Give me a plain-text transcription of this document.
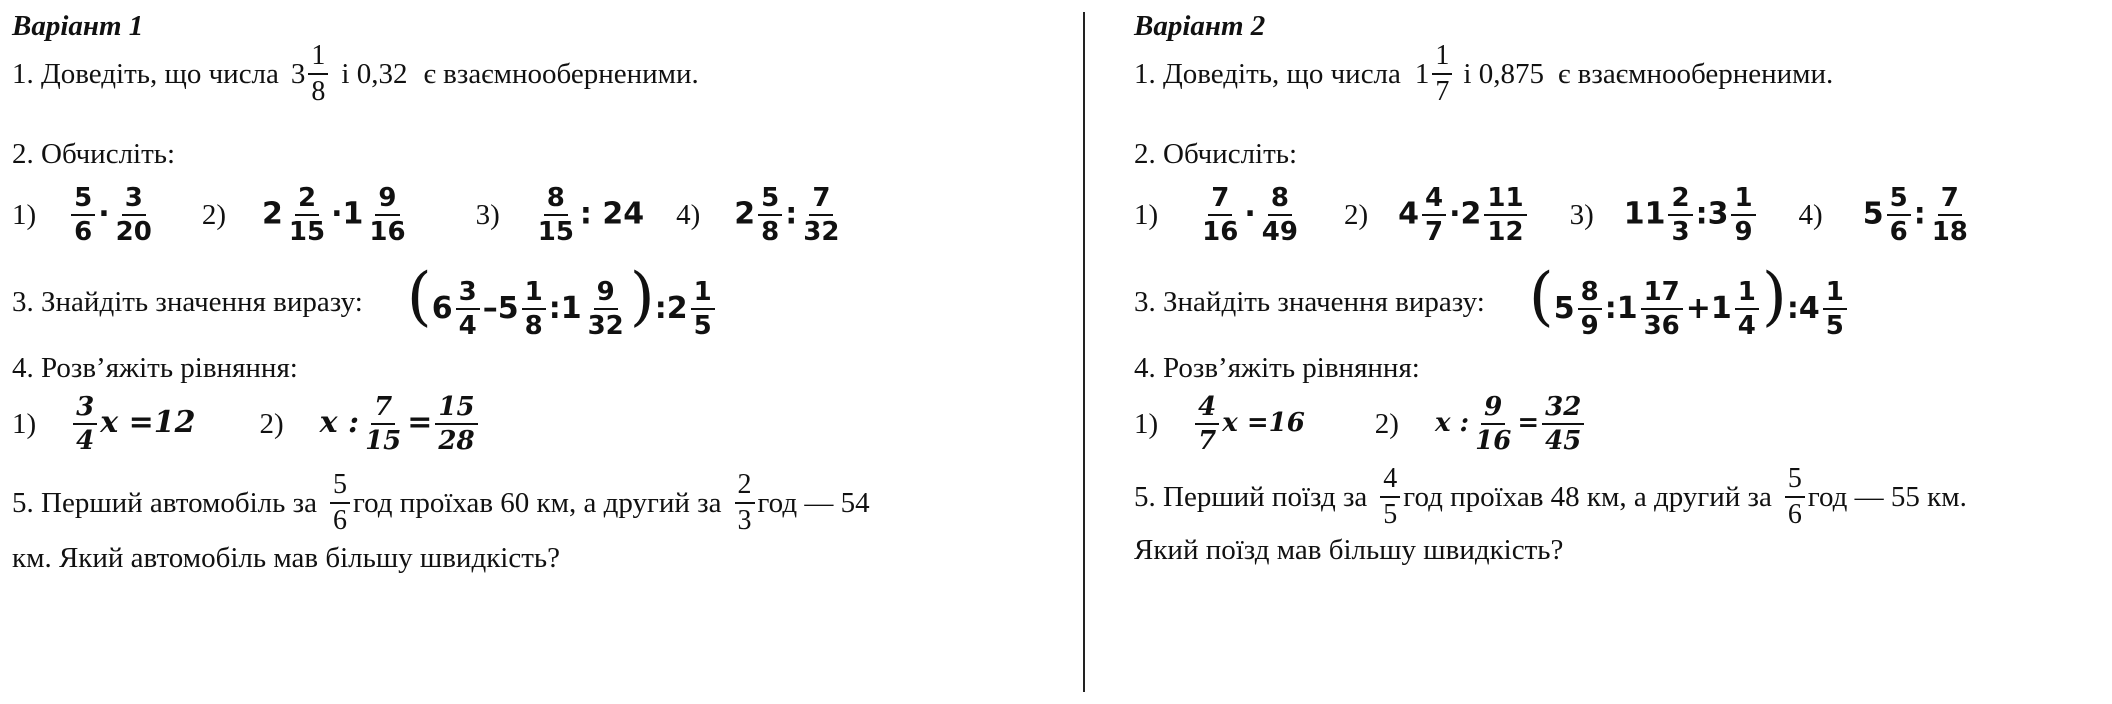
Варіант 1
1. Доведіть, що числа $3 \frac{1}{8}$ і 0,32 є взаємнооберненими.
2. Обчисліть:
$1) \frac{5}{6} \cdot \frac{3}{20} 2$) $2 \frac{2}{15} \cdot 1 \frac{9}{16} 3) \frac{8}{15}$ : 24 4) $2 \frac{5}{8}$ : $\frac{7}{32}$
3. Знайдіть значення виразу: ($6 \frac{3}{4} -5 \frac{1}{8}$ :1 $\frac{9}{32}$ ):2 $\frac{1}{5}$
4. Розв’яжіть рівняння:
$1) \frac{3}{4}$ x =12 2) x : $\frac{7}{15} = \frac{15}{28}$
5. Перший автомобіль за $\frac{5}{6}$ год проїхав 60 км, а другий за $\frac{2}{3}$ год — 54
км. Який автомобіль мав більшу швидкість?
Варіант 2
1. Доведіть, що числа $1 \frac{1}{7}$ і 0,875 є взаємнооберненими.
2. Обчисліть:
$1) \frac{7}{16} \cdot \frac{8}{49} 2$) $4 \frac{4}{7} \cdot 2 \frac{11}{12} 3$) $11 \frac{2}{3}$ :3 $\frac{1}{9} 4$) $5 \frac{5}{6}$ : $\frac{7}{18}$
3. Знайдіть значення виразу: ($5 \frac{8}{9}$ :1 $\frac{17}{36} +1 \frac{1}{4}$ ):4 $\frac{1}{5}$
4. Розв’яжіть рівняння:
$1) \frac{4}{7}$ x =16 2) x : $\frac{9}{16} = \frac{32}{45}$
5. Перший поїзд за $\frac{4}{5}$ год проїхав 48 км, а другий за $\frac{5}{6}$ год — 55 км.
Який поїзд мав більшу швидкість?
